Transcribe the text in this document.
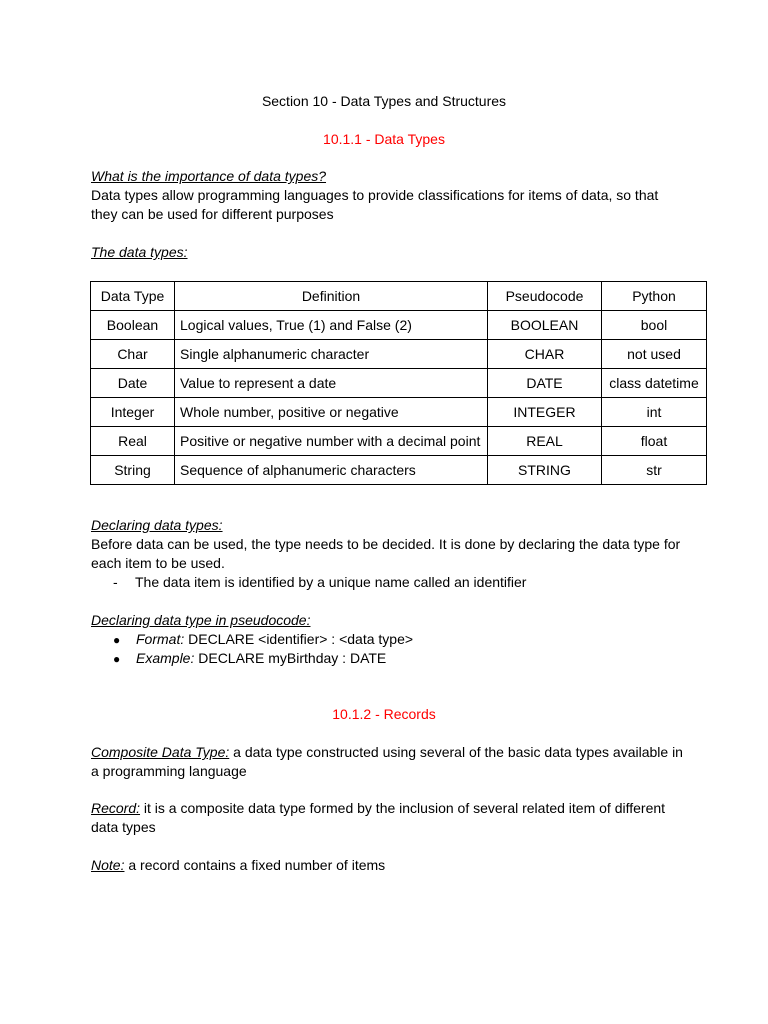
Section 10 - Data Types and Structures
10.1.1 - Data Types
What is the importance of data types?
Data types allow programming languages to provide classifications for items of data, so that
they can be used for different purposes
The data types:
Data Type	Definition	Pseudocode	Python
Boolean	Logical values, True (1) and False (2)	BOOLEAN	bool
Char	Single alphanumeric character	CHAR	not used
Date	Value to represent a date	DATE	class datetime
Integer	Whole number, positive or negative	INTEGER	int
Real	Positive or negative number with a decimal point	REAL	float
String	Sequence of alphanumeric characters	STRING	str
Declaring data types:
Before data can be used, the type needs to be decided. It is done by declaring the data type for
each item to be used.
- The data item is identified by a unique name called an identifier
Declaring data type in pseudocode:
● Format: DECLARE <identifier> : <data type>
● Example: DECLARE myBirthday : DATE
10.1.2 - Records
Composite Data Type: a data type constructed using several of the basic data types available in
a programming language
Record: it is a composite data type formed by the inclusion of several related item of different
data types
Note: a record contains a fixed number of items
